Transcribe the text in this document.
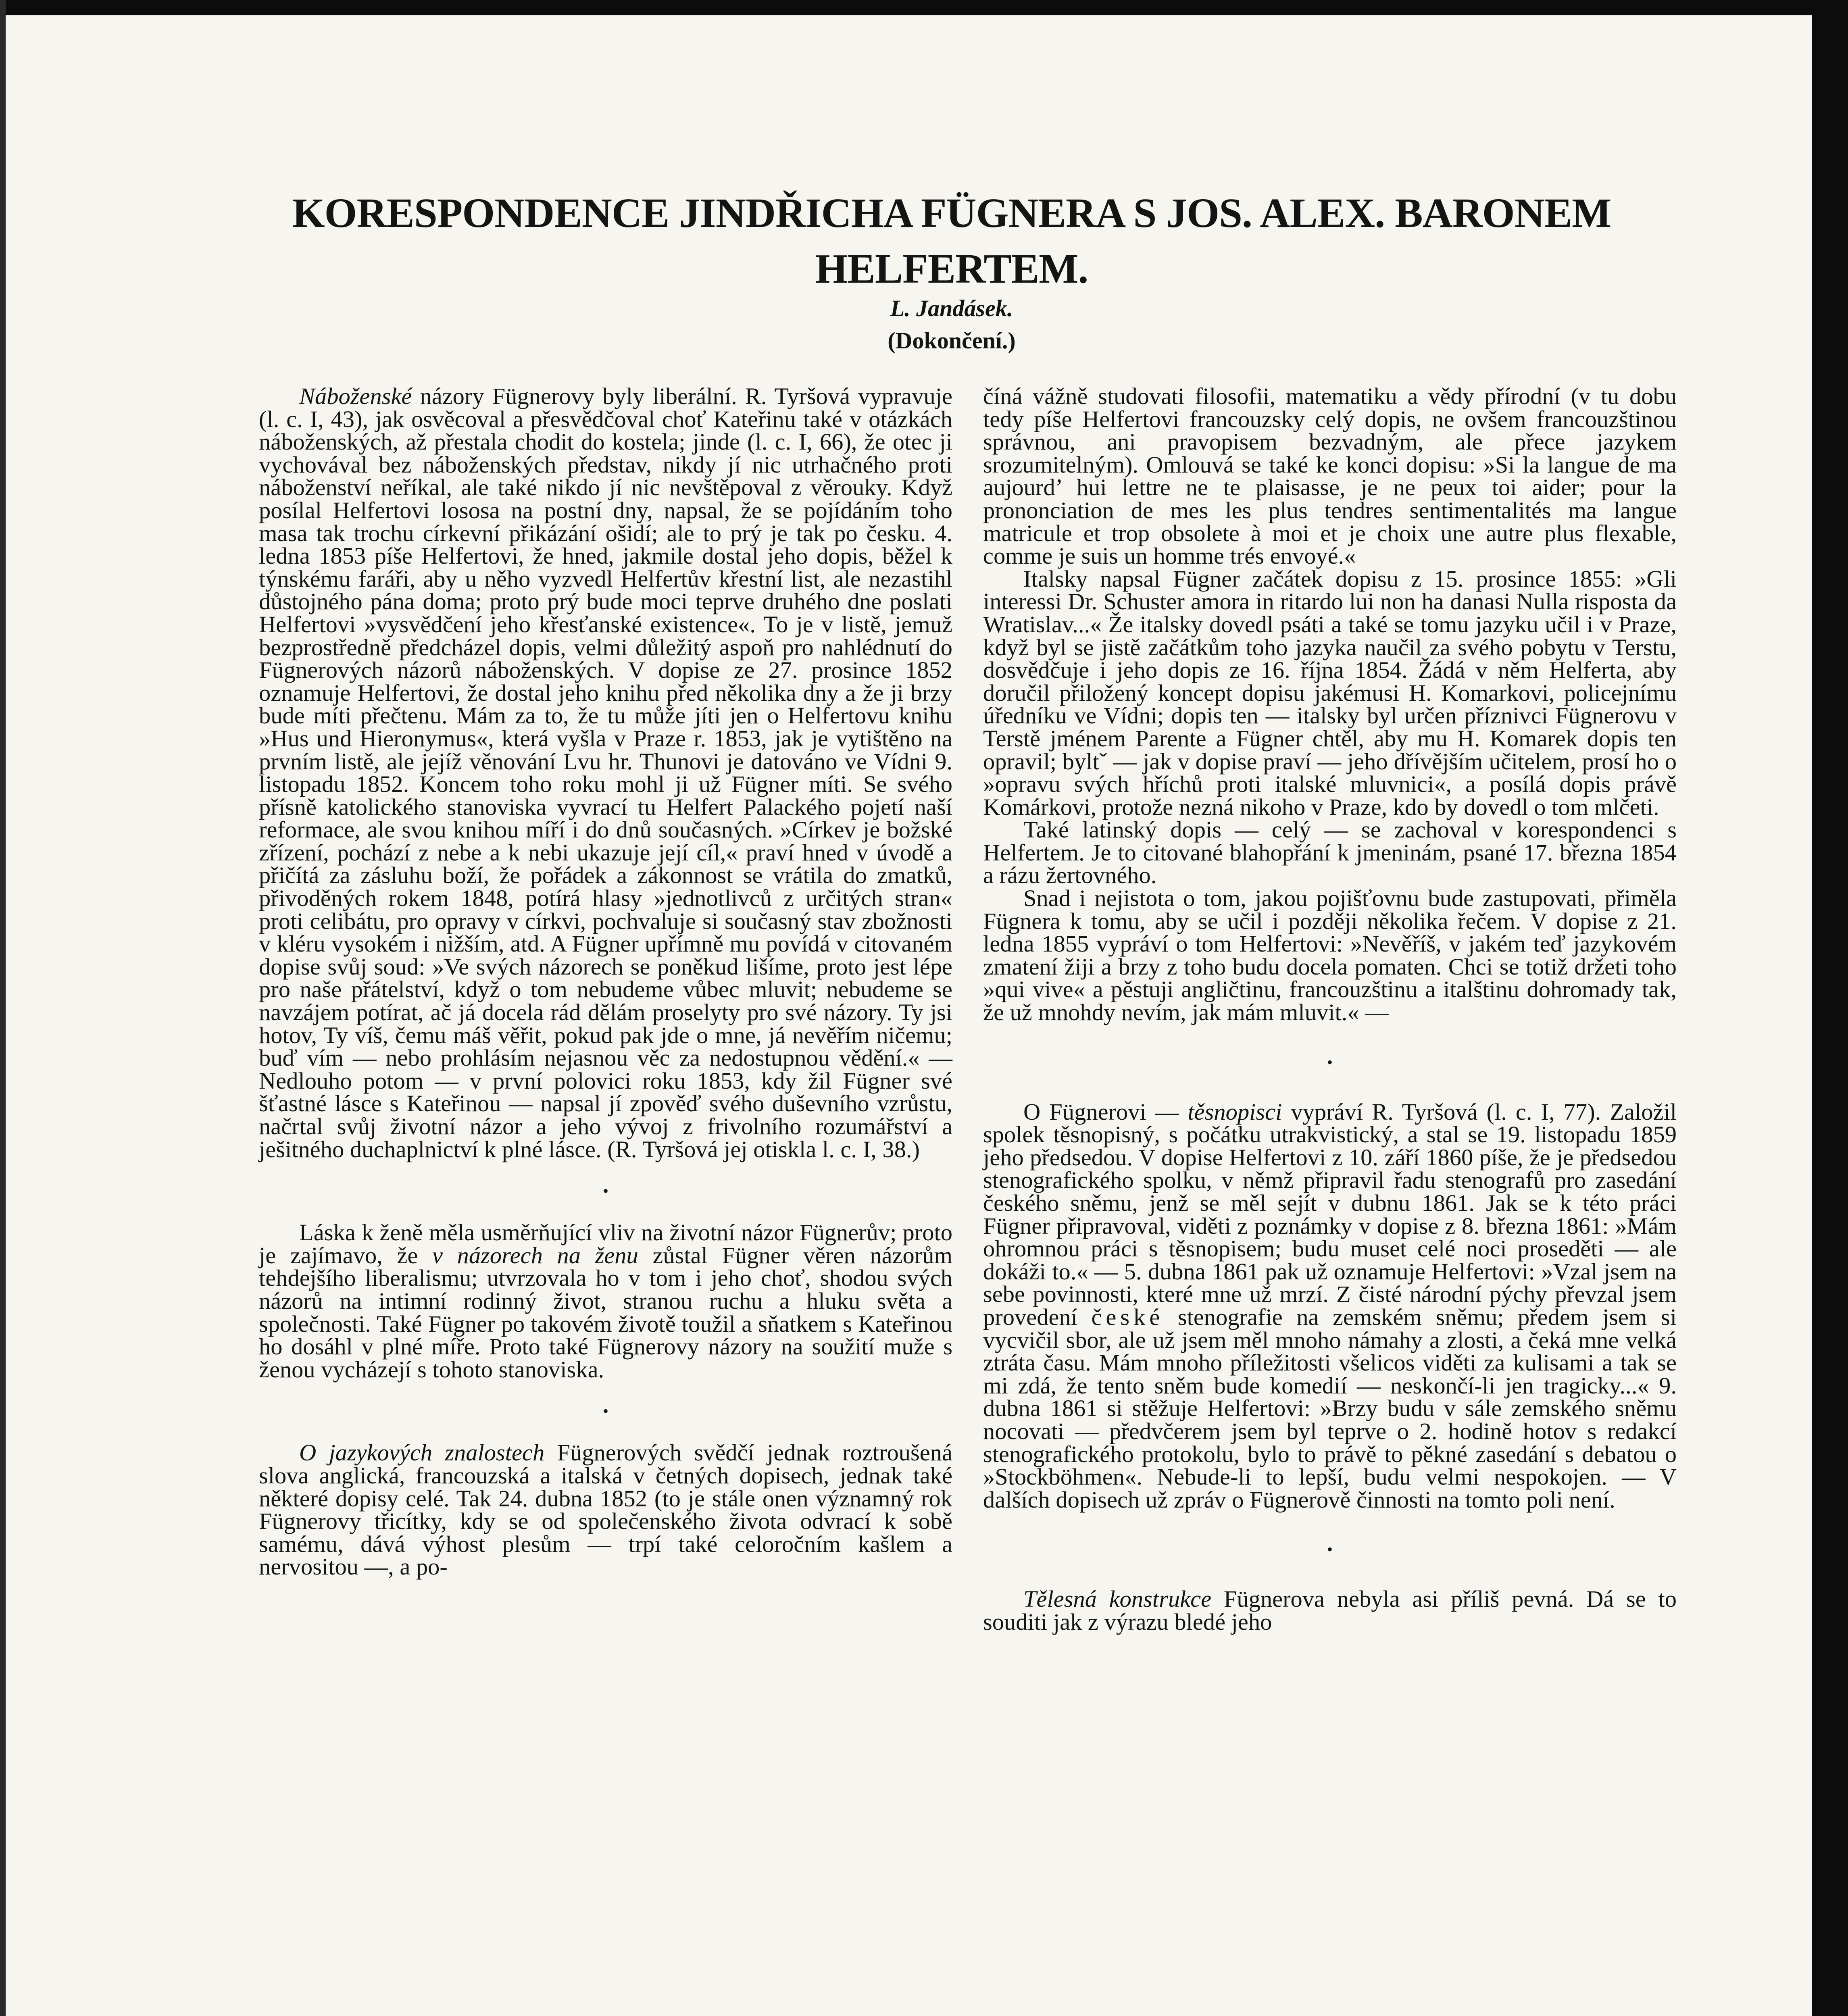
KORESPONDENCE JINDŘICHA FÜGNERA S JOS. ALEX. BARONEM HELFERTEM.
L. Jandásek.
(Dokončení.)

Náboženské názory Fügnerovy byly liberální. R. Tyršová vypravuje (l. c. I, 43), jak osvěcoval a přesvědčoval choť Kateřinu také v otázkách náboženských, až přestala chodit do kostela; jinde (l. c. I, 66), že otec ji vychovával bez náboženských představ, nikdy jí nic utrhačného proti náboženství neříkal, ale také nikdo jí nic nevštěpoval z věrouky. Když posílal Helfertovi lososa na postní dny, napsal, že se pojídáním toho masa tak trochu církevní přikázání ošidí; ale to prý je tak po česku. 4. ledna 1853 píše Helfertovi, že hned, jakmile dostal jeho dopis, běžel k týnskému faráři, aby u něho vyzvedl Helfertův křestní list, ale nezastihl důstojného pána doma; proto prý bude moci teprve druhého dne poslati Helfertovi »vysvědčení jeho křesťanské existence«. To je v listě, jemuž bezprostředně předcházel dopis, velmi důležitý aspoň pro nahlédnutí do Fügnerových názorů náboženských. V dopise ze 27. prosince 1852 oznamuje Helfertovi, že dostal jeho knihu před několika dny a že ji brzy bude míti přečtenu. Mám za to, že tu může jíti jen o Helfertovu knihu »Hus und Hieronymus«, která vyšla v Praze r. 1853, jak je vytištěno na prvním listě, ale jejíž věnování Lvu hr. Thunovi je datováno ve Vídni 9. listopadu 1852. Koncem toho roku mohl ji už Fügner míti. Se svého přísně katolického stanoviska vyvrací tu Helfert Palackého pojetí naší reformace, ale svou knihou míří i do dnů současných. »Církev je božské zřízení, pochází z nebe a k nebi ukazuje její cíl,« praví hned v úvodě a přičítá za zásluhu boží, že pořádek a zákonnost se vrátila do zmatků, přivoděných rokem 1848, potírá hlasy »jednotlivců z určitých stran« proti celibátu, pro opravy v církvi, pochvaluje si současný stav zbožnosti v kléru vysokém i nižším, atd. A Fügner upřímně mu povídá v citovaném dopise svůj soud: »Ve svých názorech se poněkud lišíme, proto jest lépe pro naše přátelství, když o tom nebudeme vůbec mluvit; nebudeme se navzájem potírat, ač já docela rád dělám proselyty pro své názory. Ty jsi hotov, Ty víš, čemu máš věřit, pokud pak jde o mne, já nevěřím ničemu; buď vím — nebo prohlásím nejasnou věc za nedostupnou vědění.« — Nedlouho potom — v první polovici roku 1853, kdy žil Fügner své šťastné lásce s Kateřinou — napsal jí zpověď svého duševního vzrůstu, načrtal svůj životní názor a jeho vývoj z frivolního rozumářství a ješitného duchaplnictví k plné lásce. (R. Tyršová jej otiskla l. c. I, 38.)

•

Láska k ženě měla usměrňující vliv na životní názor Fügnerův; proto je zajímavo, že v názorech na ženu zůstal Fügner věren názorům tehdejšího liberalismu; utvrzovala ho v tom i jeho choť, shodou svých názorů na intimní rodinný život, stranou ruchu a hluku světa a společnosti. Také Fügner po takovém životě toužil a sňatkem s Kateřinou ho dosáhl v plné míře. Proto také Fügnerovy názory na soužití muže s ženou vycházejí s tohoto stanoviska.

•

O jazykových znalostech Fügnerových svědčí jednak roztroušená slova anglická, francouzská a italská v četných dopisech, jednak také některé dopisy celé. Tak 24. dubna 1852 (to je stále onen významný rok Fügnerovy třicítky, kdy se od společenského života odvrací k sobě samému, dává výhost plesům — trpí také celoročním kašlem a nervositou —, a po-

číná vážně studovati filosofii, matematiku a vědy přírodní (v tu dobu tedy píše Helfertovi francouzsky celý dopis, ne ovšem francouzštinou správnou, ani pravopisem bezvadným, ale přece jazykem srozumitelným). Omlouvá se také ke konci dopisu: »Si la langue de ma aujourd’ hui lettre ne te plaisasse, je ne peux toi aider; pour la prononciation de mes les plus tendres sentimentalités ma langue matricule et trop obsolete à moi et je choix une autre plus flexable, comme je suis un homme trés envoyé.«

Italsky napsal Fügner začátek dopisu z 15. prosince 1855: »Gli interessi Dr. Schuster amora in ritardo lui non ha danasi Nulla risposta da Wratislav...« Že italsky dovedl psáti a také se tomu jazyku učil i v Praze, když byl se jistě začátkům toho jazyka naučil za svého pobytu v Terstu, dosvědčuje i jeho dopis ze 16. října 1854. Žádá v něm Helferta, aby doručil přiložený koncept dopisu jakémusi H. Komarkovi, policejnímu úředníku ve Vídni; dopis ten — italsky byl určen příznivci Fügnerovu v Terstě jménem Parente a Fügner chtěl, aby mu H. Komarek dopis ten opravil; byltˇ — jak v dopise praví — jeho dřívějším učitelem, prosí ho o »opravu svých hříchů proti italské mluvnici«, a posílá dopis právě Komárkovi, protože nezná nikoho v Praze, kdo by dovedl o tom mlčeti.

Také latinský dopis — celý — se zachoval v korespondenci s Helfertem. Je to citované blahopřání k jmeninám, psané 17. března 1854 a rázu žertovného.

Snad i nejistota o tom, jakou pojišťovnu bude zastupovati, přiměla Fügnera k tomu, aby se učil i později několika řečem. V dopise z 21. ledna 1855 vypráví o tom Helfertovi: »Nevěříš, v jakém teď jazykovém zmatení žiji a brzy z toho budu docela pomaten. Chci se totiž držeti toho »qui vive« a pěstuji angličtinu, francouzštinu a italštinu dohromady tak, že už mnohdy nevím, jak mám mluvit.« —

•

O Fügnerovi — těsnopisci vypráví R. Tyršová (l. c. I, 77). Založil spolek těsnopisný, s počátku utrakvistický, a stal se 19. listopadu 1859 jeho předsedou. V dopise Helfertovi z 10. září 1860 píše, že je předsedou stenografického spolku, v němž připravil řadu stenografů pro zasedání českého sněmu, jenž se měl sejít v dubnu 1861. Jak se k této práci Fügner připravoval, viděti z poznámky v dopise z 8. března 1861: »Mám ohromnou práci s těsnopisem; budu muset celé noci proseděti — ale dokáži to.« — 5. dubna 1861 pak už oznamuje Helfertovi: »Vzal jsem na sebe povinnosti, které mne už mrzí. Z čisté národní pýchy převzal jsem provedení české stenografie na zemském sněmu; předem jsem si vycvičil sbor, ale už jsem měl mnoho námahy a zlosti, a čeká mne velká ztráta času. Mám mnoho příležitosti všelicos viděti za kulisami a tak se mi zdá, že tento sněm bude komedií — neskončí-li jen tragicky...« 9. dubna 1861 si stěžuje Helfertovi: »Brzy budu v sále zemského sněmu nocovati — předvčerem jsem byl teprve o 2. hodině hotov s redakcí stenografického protokolu, bylo to právě to pěkné zasedání s debatou o »Stockböhmen«. Nebude-li to lepší, budu velmi nespokojen. — V dalších dopisech už zpráv o Fügnerově činnosti na tomto poli není.

•

Tělesná konstrukce Fügnerova nebyla asi příliš pevná. Dá se to souditi jak z výrazu bledé jeho
